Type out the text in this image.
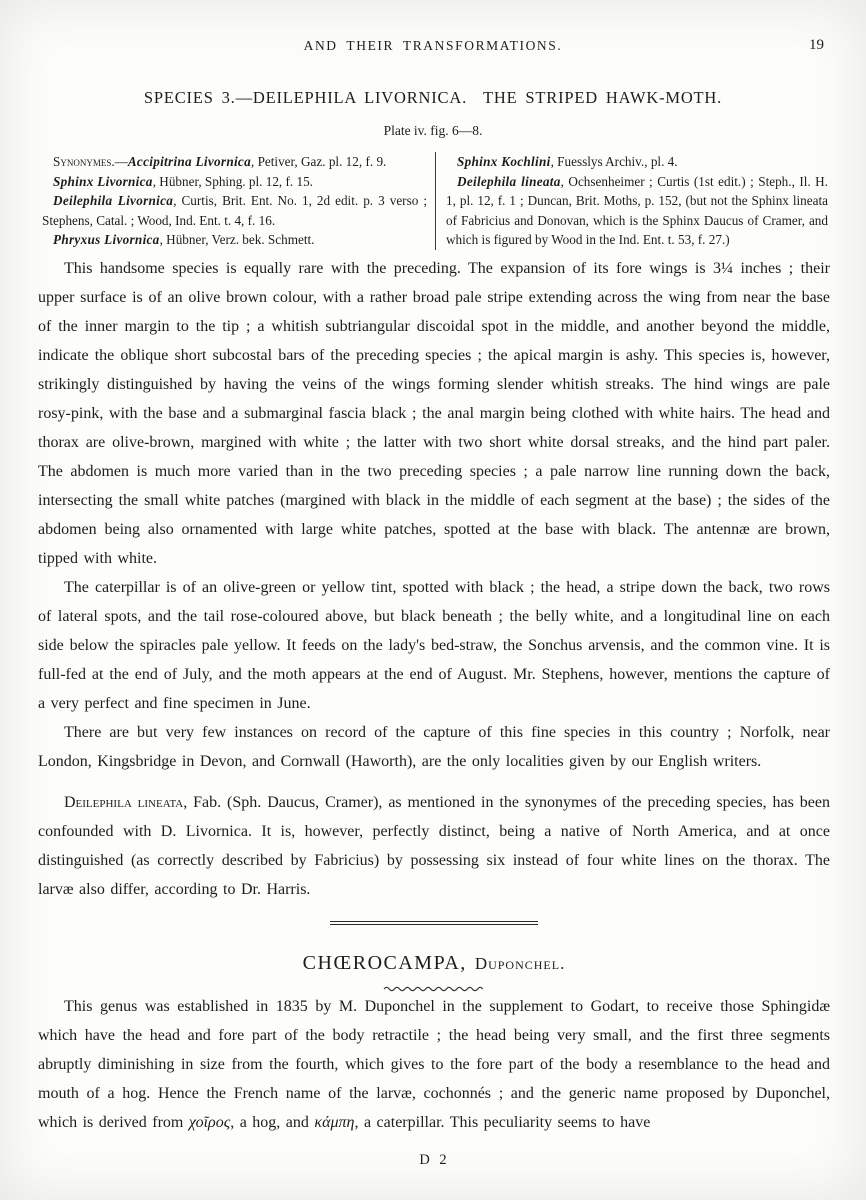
AND THEIR TRANSFORMATIONS.	19
SPECIES 3.—DEILEPHILA LIVORNICA. THE STRIPED HAWK-MOTH.
Plate iv. fig. 6—8.
Synonymes.—Accipitrina Livornica, Petiver, Gaz. pl. 12, f. 9.
Sphinx Livornica, Hübner, Sphing. pl. 12, f. 15.
Deilephila Livornica, Curtis, Brit. Ent. No. 1, 2d edit. p. 3 verso ; Stephens, Catal. ; Wood, Ind. Ent. t. 4, f. 16.
Phryxus Livornica, Hübner, Verz. bek. Schmett.
Sphinx Kochlini, Fuesslys Archiv., pl. 4.
Deilephila lineata, Ochsenheimer ; Curtis (1st edit.) ; Steph., Il. H. 1, pl. 12, f. 1 ; Duncan, Brit. Moths, p. 152, (but not the Sphinx lineata of Fabricius and Donovan, which is the Sphinx Daucus of Cramer, and which is figured by Wood in the Ind. Ent. t. 53, f. 27.)

This handsome species is equally rare with the preceding. The expansion of its fore wings is 3¼ inches ; their upper surface is of an olive brown colour, with a rather broad pale stripe extending across the wing from near the base of the inner margin to the tip ; a whitish subtriangular discoidal spot in the middle, and another beyond the middle, indicate the oblique short subcostal bars of the preceding species ; the apical margin is ashy. This species is, however, strikingly distinguished by having the veins of the wings forming slender whitish streaks. The hind wings are pale rosy-pink, with the base and a submarginal fascia black ; the anal margin being clothed with white hairs. The head and thorax are olive-brown, margined with white ; the latter with two short white dorsal streaks, and the hind part paler. The abdomen is much more varied than in the two preceding species ; a pale narrow line running down the back, intersecting the small white patches (margined with black in the middle of each segment at the base) ; the sides of the abdomen being also ornamented with large white patches, spotted at the base with black. The antennæ are brown, tipped with white.

The caterpillar is of an olive-green or yellow tint, spotted with black ; the head, a stripe down the back, two rows of lateral spots, and the tail rose-coloured above, but black beneath ; the belly white, and a longitudinal line on each side below the spiracles pale yellow. It feeds on the lady's bed-straw, the Sonchus arvensis, and the common vine. It is full-fed at the end of July, and the moth appears at the end of August. Mr. Stephens, however, mentions the capture of a very perfect and fine specimen in June.

There are but very few instances on record of the capture of this fine species in this country ; Norfolk, near London, Kingsbridge in Devon, and Cornwall (Haworth), are the only localities given by our English writers.

Deilephila lineata, Fab. (Sph. Daucus, Cramer), as mentioned in the synonymes of the preceding species, has been confounded with D. Livornica. It is, however, perfectly distinct, being a native of North America, and at once distinguished (as correctly described by Fabricius) by possessing six instead of four white lines on the thorax. The larvæ also differ, according to Dr. Harris.

CHŒROCAMPA, Duponchel.

This genus was established in 1835 by M. Duponchel in the supplement to Godart, to receive those Sphingidæ which have the head and fore part of the body retractile ; the head being very small, and the first three segments abruptly diminishing in size from the fourth, which gives to the fore part of the body a resemblance to the head and mouth of a hog. Hence the French name of the larvæ, cochonnés ; and the generic name proposed by Duponchel, which is derived from χοῖρος, a hog, and κάμπη, a caterpillar. This peculiarity seems to have

D 2
